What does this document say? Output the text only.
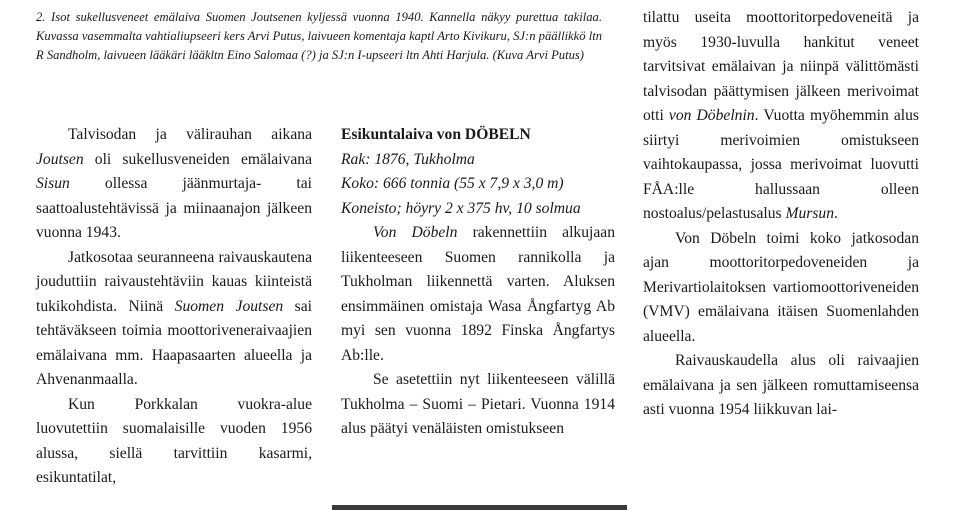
2. Isot sukellusveneet emälaiva Suomen Joutsenen kyljessä vuonna 1940. Kannella näkyy purettua takilaa. Kuvassa vasemmalta vahtialiupseeri kers Arvi Putus, laivueen komentaja kaptl Arto Kivikuru, SJ:n päällikkö ltn R Sandholm, laivueen lääkäri lääkltn Eino Salomaa (?) ja SJ:n I-upseeri ltn Ahti Harjula. (Kuva Arvi Putus)

Talvisodan ja välirauhan aikana Joutsen oli sukellusveneiden emälaivana Sisun ollessa jäänmurtaja- tai saattoalustehtävissä ja miinaanajon jälkeen vuonna 1943.

Jatkosotaa seuranneena raivauskautena jouduttiin raivaustehtäviin kauas kiinteistä tukikohdista. Niinä Suomen Joutsen sai tehtäväkseen toimia moottoriveneraivaajien emälaivana mm. Haapasaarten alueella ja Ahvenanmaalla.

Kun Porkkalan vuokra-alue luovutettiin suomalaisille vuoden 1956 alussa, siellä tarvittiin kasarmi, esikuntatilat,

Esikuntalaiva von DÖBELN

Rak: 1876, Tukholma

Koko: 666 tonnia (55 x 7,9 x 3,0 m)

Koneisto; höyry 2 x 375 hv, 10 solmua

Von Döbeln rakennettiin alkujaan liikenteeseen Suomen rannikolla ja Tukholman liikennettä varten. Aluksen ensimmäinen omistaja Wasa Ångfartyg Ab myi sen vuonna 1892 Finska Ångfartys Ab:lle.

Se asetettiin nyt liikenteeseen välillä Tukholma – Suomi – Pietari. Vuonna 1914 alus päätyi venäläisten omistukseen

tilattu useita moottoritorpedoveneitä ja myös 1930-luvulla hankitut veneet tarvitsivat emälaivan ja niinpä välittömästi talvisodan päättymisen jälkeen merivoimat otti von Döbelnin. Vuotta myöhemmin alus siirtyi merivoimien omistukseen vaihtokaupassa, jossa merivoimat luovutti FÅA:lle hallussaan olleen nostoalus/pelastusalus Mursun.

Von Döbeln toimi koko jatkosodan ajan moottoritorpedoveneiden ja Merivartiolaitoksen vartiomoottoriveneiden (VMV) emälaivana itäisen Suomenlahden alueella.

Raivauskaudella alus oli raivaajien emälaivana ja sen jälkeen romuttamiseensa asti vuonna 1954 liikkuvan lai-
